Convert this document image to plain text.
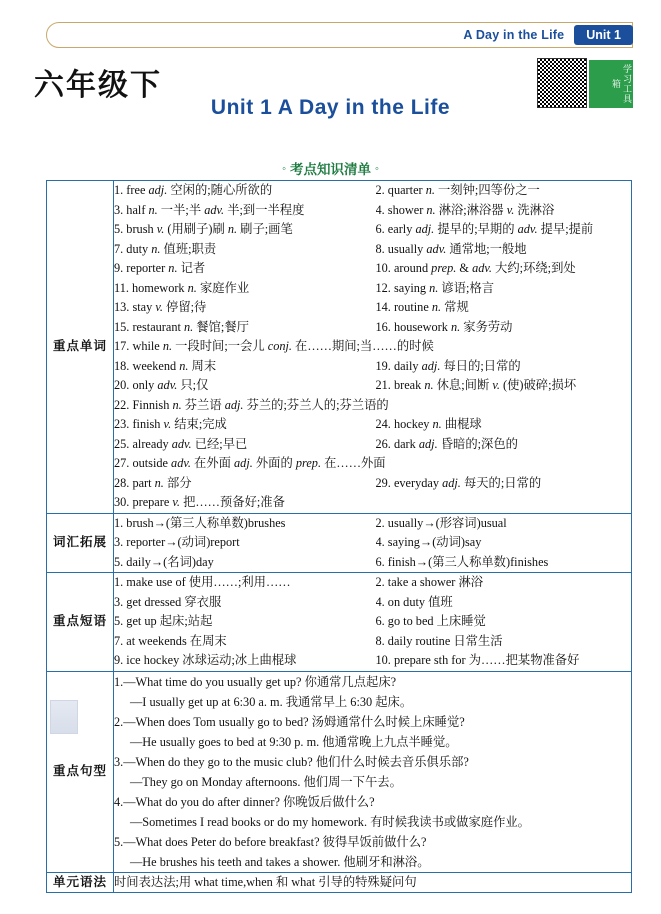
A Day in the Life	Unit 1
六年级下
Unit 1 A Day in the Life
学习工具箱
◦ 考点知识清单 ◦
重点单词	
1. free adj. 空闲的;随心所欲的	2. quarter n. 一刻钟;四等份之一
3. half n. 一半;半 adv. 半;到一半程度	4. shower n. 淋浴;淋浴器 v. 洗淋浴
5. brush v. (用刷子)刷 n. 刷子;画笔	6. early adj. 提早的;早期的 adv. 提早;提前
7. duty n. 值班;职责	8. usually adv. 通常地;一般地
9. reporter n. 记者	10. around prep. & adv. 大约;环绕;到处
11. homework n. 家庭作业	12. saying n. 谚语;格言
13. stay v. 停留;待	14. routine n. 常规
15. restaurant n. 餐馆;餐厅	16. housework n. 家务劳动
17. while n. 一段时间;一会儿 conj. 在……期间;当……的时候
18. weekend n. 周末	19. daily adj. 每日的;日常的
20. only adv. 只;仅	21. break n. 休息;间断 v. (使)破碎;损坏
22. Finnish n. 芬兰语 adj. 芬兰的;芬兰人的;芬兰语的
23. finish v. 结束;完成	24. hockey n. 曲棍球
25. already adv. 已经;早已	26. dark adj. 昏暗的;深色的
27. outside adv. 在外面 adj. 外面的 prep. 在……外面
28. part n. 部分	29. everyday adj. 每天的;日常的
30. prepare v. 把……预备好;准备

词汇拓展	
1. brush→(第三人称单数)brushes	2. usually→(形容词)usual
3. reporter→(动词)report	4. saying→(动词)say
5. daily→(名词)day	6. finish→(第三人称单数)finishes

重点短语	
1. make use of 使用……;利用……	2. take a shower 淋浴
3. get dressed 穿衣服	4. on duty 值班
5. get up 起床;站起	6. go to bed 上床睡觉
7. at weekends 在周末	8. daily routine 日常生活
9. ice hockey 冰球运动;冰上曲棍球	10. prepare sth for 为……把某物准备好

重点句型	
1.—What time do you usually get up? 你通常几点起床?
—I usually get up at 6:30 a. m. 我通常早上 6:30 起床。
2.—When does Tom usually go to bed? 汤姆通常什么时候上床睡觉?
—He usually goes to bed at 9:30 p. m. 他通常晚上九点半睡觉。
3.—When do they go to the music club? 他们什么时候去音乐俱乐部?
—They go on Monday afternoons. 他们周一下午去。
4.—What do you do after dinner? 你晚饭后做什么?
—Sometimes I read books or do my homework. 有时候我读书或做家庭作业。
5.—What does Peter do before breakfast? 彼得早饭前做什么?
—He brushes his teeth and takes a shower. 他刷牙和淋浴。

单元语法	时间表达法;用 what time,when 和 what 引导的特殊疑问句
